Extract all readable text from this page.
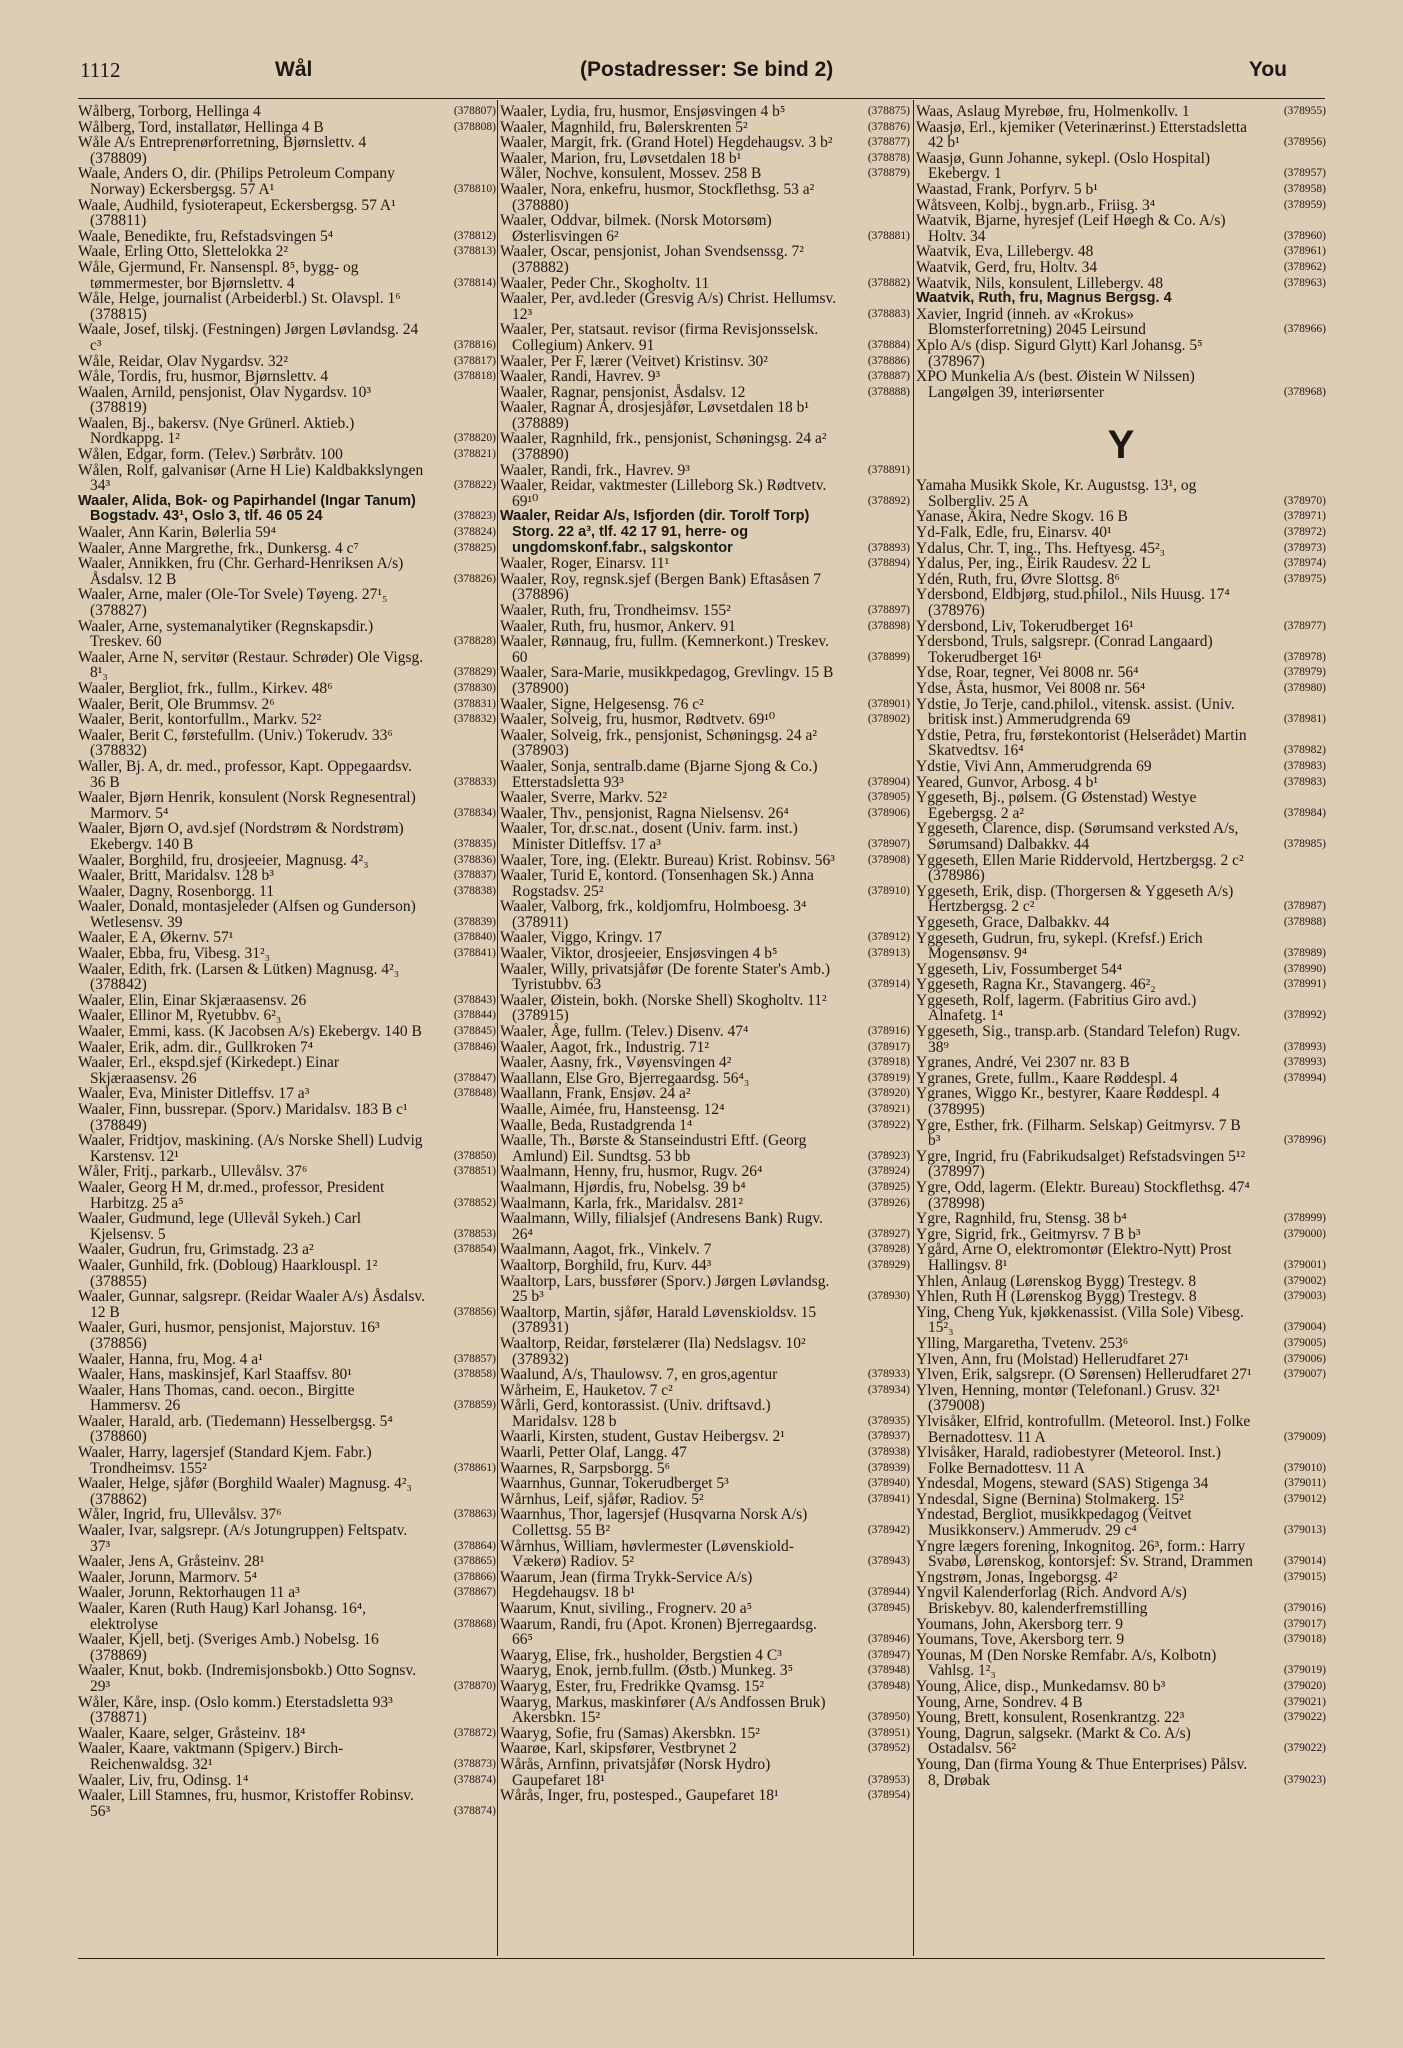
1112	Wål	(Postadresser: Se bind 2)	You
Wålberg, Torborg, Hellinga 4	(378807)
Wålberg, Tord, installatør, Hellinga 4 B	(378808)
Wåle A/s Entreprenørforretning, Bjørnslettv. 4 (378809)
Waale, Anders O, dir. (Philips Petroleum Company Norway) Eckersbergsg. 57 A¹	(378810)
Waale, Audhild, fysioterapeut, Eckersbergsg. 57 A¹ (378811)
Waale, Benedikte, fru, Refstadsvingen 5⁴	(378812)
Waale, Erling Otto, Slettelokka 2²	(378813)
Wåle, Gjermund, Fr. Nansenspl. 8⁵, bygg- og tømmermester, bor Bjørnslettv. 4	(378814)
Wåle, Helge, journalist (Arbeiderbl.) St. Olavspl. 1⁶ (378815)
Waale, Josef, tilskj. (Festningen) Jørgen Løvlandsg. 24 c³	(378816)
Wåle, Reidar, Olav Nygardsv. 32²	(378817)
Wåle, Tordis, fru, husmor, Bjørnslettv. 4	(378818)
Waalen, Arnild, pensjonist, Olav Nygardsv. 10³ (378819)
Waalen, Bj., bakersv. (Nye Grünerl. Aktieb.) Nordkappg. 1²	(378820)
Wålen, Edgar, form. (Telev.) Sørbråtv. 100	(378821)
Wålen, Rolf, galvanisør (Arne H Lie) Kaldbakkslyngen 34³	(378822)
Waaler, Alida, Bok- og Papirhandel (Ingar Tanum) Bogstadv. 43¹, Oslo 3, tlf. 46 05 24	(378823)
Waaler, Ann Karin, Bølerlia 59⁴	(378824)
Waaler, Anne Margrethe, frk., Dunkersg. 4 c⁷	(378825)
Waaler, Annikken, fru (Chr. Gerhard-Henriksen A/s) Åsdalsv. 12 B	(378826)
Waaler, Arne, maler (Ole-Tor Svele) Tøyeng. 27¹₅ (378827)
Waaler, Arne, systemanalytiker (Regnskapsdir.) Treskev. 60	(378828)
Waaler, Arne N, servitør (Restaur. Schrøder) Ole Vigsg. 8¹₃	(378829)
Waaler, Bergliot, frk., fullm., Kirkev. 48⁶	(378830)
Waaler, Berit, Ole Brummsv. 2⁶	(378831)
Waaler, Berit, kontorfullm., Markv. 52²	(378832)
Waaler, Berit C, førstefullm. (Univ.) Tokerudv. 33⁶ (378832)
Waller, Bj. A, dr. med., professor, Kapt. Oppegaardsv. 36 B	(378833)
Waaler, Bjørn Henrik, konsulent (Norsk Regnesentral) Marmorv. 5⁴	(378834)
Waaler, Bjørn O, avd.sjef (Nordstrøm & Nordstrøm) Ekebergv. 140 B	(378835)
Waaler, Borghild, fru, drosjeeier, Magnusg. 4²₃	(378836)
Waaler, Britt, Maridalsv. 128 b³	(378837)
Waaler, Dagny, Rosenborgg. 11	(378838)
Waaler, Donald, montasjeleder (Alfsen og Gunderson) Wetlesensv. 39	(378839)
Waaler, E A, Økernv. 57¹	(378840)
Waaler, Ebba, fru, Vibesg. 31²₃	(378841)
Waaler, Edith, frk. (Larsen & Lütken) Magnusg. 4²₃ (378842)
Waaler, Elin, Einar Skjæraasensv. 26	(378843)
Waaler, Ellinor M, Ryetubbv. 6²₃	(378844)
Waaler, Emmi, kass. (K Jacobsen A/s) Ekebergv. 140 B	(378845)
Waaler, Erik, adm. dir., Gullkroken 7⁴	(378846)
Waaler, Erl., ekspd.sjef (Kirkedept.) Einar Skjæraasensv. 26	(378847)
Waaler, Eva, Minister Ditleffsv. 17 a³	(378848)
Waaler, Finn, bussrepar. (Sporv.) Maridalsv. 183 B c¹ (378849)
Waaler, Fridtjov, maskining. (A/s Norske Shell) Ludvig Karstensv. 12¹	(378850)
Wåler, Fritj., parkarb., Ullevålsv. 37⁶	(378851)
Waaler, Georg H M, dr.med., professor, President Harbitzg. 25 a⁵	(378852)
Waaler, Gudmund, lege (Ullevål Sykeh.) Carl Kjelsensv. 5	(378853)
Waaler, Gudrun, fru, Grimstadg. 23 a²	(378854)
Waaler, Gunhild, frk. (Dobloug) Haarklouspl. 1² (378855)
Waaler, Gunnar, salgsrepr. (Reidar Waaler A/s) Åsdalsv. 12 B	(378856)
Waaler, Guri, husmor, pensjonist, Majorstuv. 16³ (378856)
Waaler, Hanna, fru, Mog. 4 a¹	(378857)
Waaler, Hans, maskinsjef, Karl Staaffsv. 80¹	(378858)
Waaler, Hans Thomas, cand. oecon., Birgitte Hammersv. 26	(378859)
Waaler, Harald, arb. (Tiedemann) Hesselbergsg. 5⁴ (378860)
Waaler, Harry, lagersjef (Standard Kjem. Fabr.) Trondheimsv. 155²	(378861)
Waaler, Helge, sjåfør (Borghild Waaler) Magnusg. 4²₃ (378862)
Wåler, Ingrid, fru, Ullevålsv. 37⁶	(378863)
Waaler, Ivar, salgsrepr. (A/s Jotungruppen) Feltspatv. 37³	(378864)
Waaler, Jens A, Gråsteinv. 28¹	(378865)
Waaler, Jorunn, Marmorv. 5⁴	(378866)
Waaler, Jorunn, Rektorhaugen 11 a³	(378867)
Waaler, Karen (Ruth Haug) Karl Johansg. 16⁴, elektrolyse	(378868)
Waaler, Kjell, betj. (Sveriges Amb.) Nobelsg. 16 (378869)
Waaler, Knut, bokb. (Indremisjonsbokb.) Otto Sognsv. 29³	(378870)
Wåler, Kåre, insp. (Oslo komm.) Eterstadsletta 93³ (378871)
Waaler, Kaare, selger, Gråsteinv. 18⁴	(378872)
Waaler, Kaare, vaktmann (Spigerv.) Birch-Reichenwaldsg. 32¹	(378873)
Waaler, Liv, fru, Odinsg. 1⁴	(378874)
Waaler, Lill Stamnes, fru, husmor, Kristoffer Robinsv. 56³	(378874)
Waaler, Lydia, fru, husmor, Ensjøsvingen 4 b⁵	(378875)
Waaler, Magnhild, fru, Bølerskrenten 5²	(378876)
Waaler, Margit, frk. (Grand Hotel) Hegdehaugsv. 3 b²	(378877)
Waaler, Marion, fru, Løvsetdalen 18 b¹	(378878)
Wåler, Nochve, konsulent, Mossev. 258 B	(378879)
Waaler, Nora, enkefru, husmor, Stockflethsg. 53 a² (378880)
Waaler, Oddvar, bilmek. (Norsk Motorsøm) Østerlisvingen 6²	(378881)
Waaler, Oscar, pensjonist, Johan Svendsenssg. 7² (378882)
Waaler, Peder Chr., Skogholtv. 11	(378882)
Waaler, Per, avd.leder (Gresvig A/s) Christ. Hellumsv. 12³	(378883)
Waaler, Per, statsaut. revisor (firma Revisjonsselsk. Collegium) Ankerv. 91	(378884)
Waaler, Per F, lærer (Veitvet) Kristinsv. 30²	(378886)
Waaler, Randi, Havrev. 9³	(378887)
Waaler, Ragnar, pensjonist, Åsdalsv. 12	(378888)
Waaler, Ragnar A, drosjesjåfør, Løvsetdalen 18 b¹ (378889)
Waaler, Ragnhild, frk., pensjonist, Schøningsg. 24 a² (378890)
Waaler, Randi, frk., Havrev. 9³	(378891)
Waaler, Reidar, vaktmester (Lilleborg Sk.) Rødtvetv. 69¹⁰	(378892)
Waaler, Reidar A/s, Isfjorden (dir. Torolf Torp) Storg. 22 a³, tlf. 42 17 91, herre- og ungdomskonf.fabr., salgskontor	(378893)
Waaler, Roger, Einarsv. 11¹	(378894)
Waaler, Roy, regnsk.sjef (Bergen Bank) Eftasåsen 7 (378896)
Waaler, Ruth, fru, Trondheimsv. 155²	(378897)
Waaler, Ruth, fru, husmor, Ankerv. 91	(378898)
Waaler, Rønnaug, fru, fullm. (Kemnerkont.) Treskev. 60	(378899)
Waaler, Sara-Marie, musikkpedagog, Grevlingv. 15 B (378900)
Waaler, Signe, Helgesensg. 76 c²	(378901)
Waaler, Solveig, fru, husmor, Rødtvetv. 69¹⁰	(378902)
Waaler, Solveig, frk., pensjonist, Schøningsg. 24 a² (378903)
Waaler, Sonja, sentralb.dame (Bjarne Sjong & Co.) Etterstadsletta 93³	(378904)
Waaler, Sverre, Markv. 52²	(378905)
Waaler, Thv., pensjonist, Ragna Nielsensv. 26⁴	(378906)
Waaler, Tor, dr.sc.nat., dosent (Univ. farm. inst.) Minister Ditleffsv. 17 a³	(378907)
Waaler, Tore, ing. (Elektr. Bureau) Krist. Robinsv. 56³	(378908)
Waaler, Turid E, kontord. (Tonsenhagen Sk.) Anna Rogstadsv. 25²	(378910)
Waaler, Valborg, frk., koldjomfru, Holmboesg. 3⁴ (378911)
Waaler, Viggo, Kringv. 17	(378912)
Waaler, Viktor, drosjeeier, Ensjøsvingen 4 b⁵	(378913)
Waaler, Willy, privatsjåfør (De forente Stater's Amb.) Tyristubbv. 63	(378914)
Waaler, Øistein, bokh. (Norske Shell) Skogholtv. 11² (378915)
Waaler, Åge, fullm. (Telev.) Disenv. 47⁴	(378916)
Waaler, Aagot, frk., Industrig. 71²	(378917)
Waaler, Aasny, frk., Vøyensvingen 4²	(378918)
Waallann, Else Gro, Bjerregaardsg. 56⁴₃	(378919)
Waallann, Frank, Ensjøv. 24 a²	(378920)
Waalle, Aimée, fru, Hansteensg. 12⁴	(378921)
Waalle, Beda, Rustadgrenda 1⁴	(378922)
Waalle, Th., Børste & Stanseindustri Eftf. (Georg Amlund) Eil. Sundtsg. 53 bb	(378923)
Waalmann, Henny, fru, husmor, Rugv. 26⁴	(378924)
Waalmann, Hjørdis, fru, Nobelsg. 39 b⁴	(378925)
Waalmann, Karla, frk., Maridalsv. 281²	(378926)
Waalmann, Willy, filialsjef (Andresens Bank) Rugv. 26⁴	(378927)
Waalmann, Aagot, frk., Vinkelv. 7	(378928)
Waaltorp, Borghild, fru, Kurv. 44³	(378929)
Waaltorp, Lars, bussfører (Sporv.) Jørgen Løvlandsg. 25 b³	(378930)
Waaltorp, Martin, sjåfør, Harald Løvenskioldsv. 15 (378931)
Waaltorp, Reidar, førstelærer (Ila) Nedslagsv. 10² (378932)
Waalund, A/s, Thaulowsv. 7, en gros,agentur	(378933)
Wårheim, E, Hauketov. 7 c²	(378934)
Wårli, Gerd, kontorassist. (Univ. driftsavd.) Maridalsv. 128 b	(378935)
Waarli, Kirsten, student, Gustav Heibergsv. 2¹	(378937)
Waarli, Petter Olaf, Langg. 47	(378938)
Waarnes, R, Sarpsborgg. 5⁶	(378939)
Waarnhus, Gunnar, Tokerudberget 5³	(378940)
Wårnhus, Leif, sjåfør, Radiov. 5²	(378941)
Waarnhus, Thor, lagersjef (Husqvarna Norsk A/s) Collettsg. 55 B²	(378942)
Wårnhus, William, høvlermester (Løvenskiold-Vækerø) Radiov. 5²	(378943)
Waarum, Jean (firma Trykk-Service A/s) Hegdehaugsv. 18 b¹	(378944)
Waarum, Knut, siviling., Frognerv. 20 a⁵	(378945)
Waarum, Randi, fru (Apot. Kronen) Bjerregaardsg. 66⁵	(378946)
Waaryg, Elise, frk., husholder, Bergstien 4 C³	(378947)
Waaryg, Enok, jernb.fullm. (Østb.) Munkeg. 3⁵	(378948)
Waaryg, Ester, fru, Fredrikke Qvamsg. 15²	(378948)
Waaryg, Markus, maskinfører (A/s Andfossen Bruk) Akersbkn. 15²	(378950)
Waaryg, Sofie, fru (Samas) Akersbkn. 15²	(378951)
Waarøe, Karl, skipsfører, Vestbrynet 2	(378952)
Wårås, Arnfinn, privatsjåfør (Norsk Hydro) Gaupefaret 18¹	(378953)
Wårås, Inger, fru, postesped., Gaupefaret 18¹	(378954)
Waas, Aslaug Myrebøe, fru, Holmenkollv. 1	(378955)
Waasjø, Erl., kjemiker (Veterinærinst.) Etterstadsletta 42 b¹	(378956)
Waasjø, Gunn Johanne, sykepl. (Oslo Hospital) Ekebergv. 1	(378957)
Waastad, Frank, Porfyrv. 5 b¹	(378958)
Wåtsveen, Kolbj., bygn.arb., Friisg. 3⁴	(378959)
Waatvik, Bjarne, hyresjef (Leif Høegh & Co. A/s) Holtv. 34	(378960)
Waatvik, Eva, Lillebergv. 48	(378961)
Waatvik, Gerd, fru, Holtv. 34	(378962)
Waatvik, Nils, konsulent, Lillebergv. 48	(378963)
Waatvik, Ruth, fru, Magnus Bergsg. 4
Xavier, Ingrid (inneh. av «Krokus» Blomsterforretning) 2045 Leirsund	(378966)
Xplo A/s (disp. Sigurd Glytt) Karl Johansg. 5⁵ (378967)
XPO Munkelia A/s (best. Øistein W Nilssen) Langølgen 39, interiørsenter	(378968)
Y
Yamaha Musikk Skole, Kr. Augustsg. 13¹, og Solbergliv. 25 A	(378970)
Yanase, Akira, Nedre Skogv. 16 B	(378971)
Yd-Falk, Edle, fru, Einarsv. 40¹	(378972)
Ydalus, Chr. T, ing., Ths. Heftyesg. 45²₃	(378973)
Ydalus, Per, ing., Eirik Raudesv. 22 L	(378974)
Ydén, Ruth, fru, Øvre Slottsg. 8⁶	(378975)
Ydersbond, Eldbjørg, stud.philol., Nils Huusg. 17⁴ (378976)
Ydersbond, Liv, Tokerudberget 16¹	(378977)
Ydersbond, Truls, salgsrepr. (Conrad Langaard) Tokerudberget 16¹	(378978)
Ydse, Roar, tegner, Vei 8008 nr. 56⁴	(378979)
Ydse, Åsta, husmor, Vei 8008 nr. 56⁴	(378980)
Ydstie, Jo Terje, cand.philol., vitensk. assist. (Univ. britisk inst.) Ammerudgrenda 69	(378981)
Ydstie, Petra, fru, førstekontorist (Helserådet) Martin Skatvedtsv. 16⁴	(378982)
Ydstie, Vivi Ann, Ammerudgrenda 69	(378983)
Yeared, Gunvor, Arbosg. 4 b¹	(378983)
Yggeseth, Bj., pølsem. (G Østenstad) Westye Egebergsg. 2 a²	(378984)
Yggeseth, Clarence, disp. (Sørumsand verksted A/s, Sørumsand) Dalbakkv. 44	(378985)
Yggeseth, Ellen Marie Riddervold, Hertzbergsg. 2 c² (378986)
Yggeseth, Erik, disp. (Thorgersen & Yggeseth A/s) Hertzbergsg. 2 c²	(378987)
Yggeseth, Grace, Dalbakkv. 44	(378988)
Yggeseth, Gudrun, fru, sykepl. (Krefsf.) Erich Mogensønsv. 9⁴	(378989)
Yggeseth, Liv, Fossumberget 54⁴	(378990)
Yggeseth, Ragna Kr., Stavangerg. 46²₂	(378991)
Yggeseth, Rolf, lagerm. (Fabritius Giro avd.) Alnafetg. 1⁴	(378992)
Yggeseth, Sig., transp.arb. (Standard Telefon) Rugv. 38⁹	(378993)
Ygranes, André, Vei 2307 nr. 83 B	(378993)
Ygranes, Grete, fullm., Kaare Røddespl. 4	(378994)
Ygranes, Wiggo Kr., bestyrer, Kaare Røddespl. 4 (378995)
Ygre, Esther, frk. (Filharm. Selskap) Geitmyrsv. 7 B b³	(378996)
Ygre, Ingrid, fru (Fabrikudsalget) Refstadsvingen 5¹² (378997)
Ygre, Odd, lagerm. (Elektr. Bureau) Stockflethsg. 47⁴ (378998)
Ygre, Ragnhild, fru, Stensg. 38 b⁴	(378999)
Ygre, Sigrid, frk., Geitmyrsv. 7 B b³	(379000)
Ygård, Arne O, elektromontør (Elektro-Nytt) Prost Hallingsv. 8¹	(379001)
Yhlen, Anlaug (Lørenskog Bygg) Trestegv. 8	(379002)
Yhlen, Ruth H (Lørenskog Bygg) Trestegv. 8	(379003)
Ying, Cheng Yuk, kjøkkenassist. (Villa Sole) Vibesg. 15²₃	(379004)
Ylling, Margaretha, Tvetenv. 253⁶	(379005)
Ylven, Ann, fru (Molstad) Hellerudfaret 27¹	(379006)
Ylven, Erik, salgsrepr. (O Sørensen) Hellerudfaret 27¹	(379007)
Ylven, Henning, montør (Telefonanl.) Grusv. 32¹ (379008)
Ylvisåker, Elfrid, kontrofullm. (Meteorol. Inst.) Folke Bernadottesv. 11 A	(379009)
Ylvisåker, Harald, radiobestyrer (Meteorol. Inst.) Folke Bernadottesv. 11 A	(379010)
Yndesdal, Mogens, steward (SAS) Stigenga 34	(379011)
Yndesdal, Signe (Bernina) Stolmakerg. 15²	(379012)
Yndestad, Bergliot, musikkpedagog (Veitvet Musikkonserv.) Ammerudv. 29 c⁴	(379013)
Yngre lægers forening, Inkognitog. 26³, form.: Harry Svabø, Lørenskog, kontorsjef: Sv. Strand, Drammen	(379014)
Yngstrøm, Jonas, Ingeborgsg. 4²	(379015)
Yngvil Kalenderforlag (Rich. Andvord A/s) Briskebyv. 80, kalenderfremstilling	(379016)
Youmans, John, Akersborg terr. 9	(379017)
Youmans, Tove, Akersborg terr. 9	(379018)
Younas, M (Den Norske Remfabr. A/s, Kolbotn) Vahlsg. 1²₃	(379019)
Young, Alice, disp., Munkedamsv. 80 b³	(379020)
Young, Arne, Sondrev. 4 B	(379021)
Young, Brett, konsulent, Rosenkrantzg. 22³	(379022)
Young, Dagrun, salgsekr. (Markt & Co. A/s) Ostadalsv. 56²	(379022)
Young, Dan (firma Young & Thue Enterprises) Pålsv. 8, Drøbak	(379023)
